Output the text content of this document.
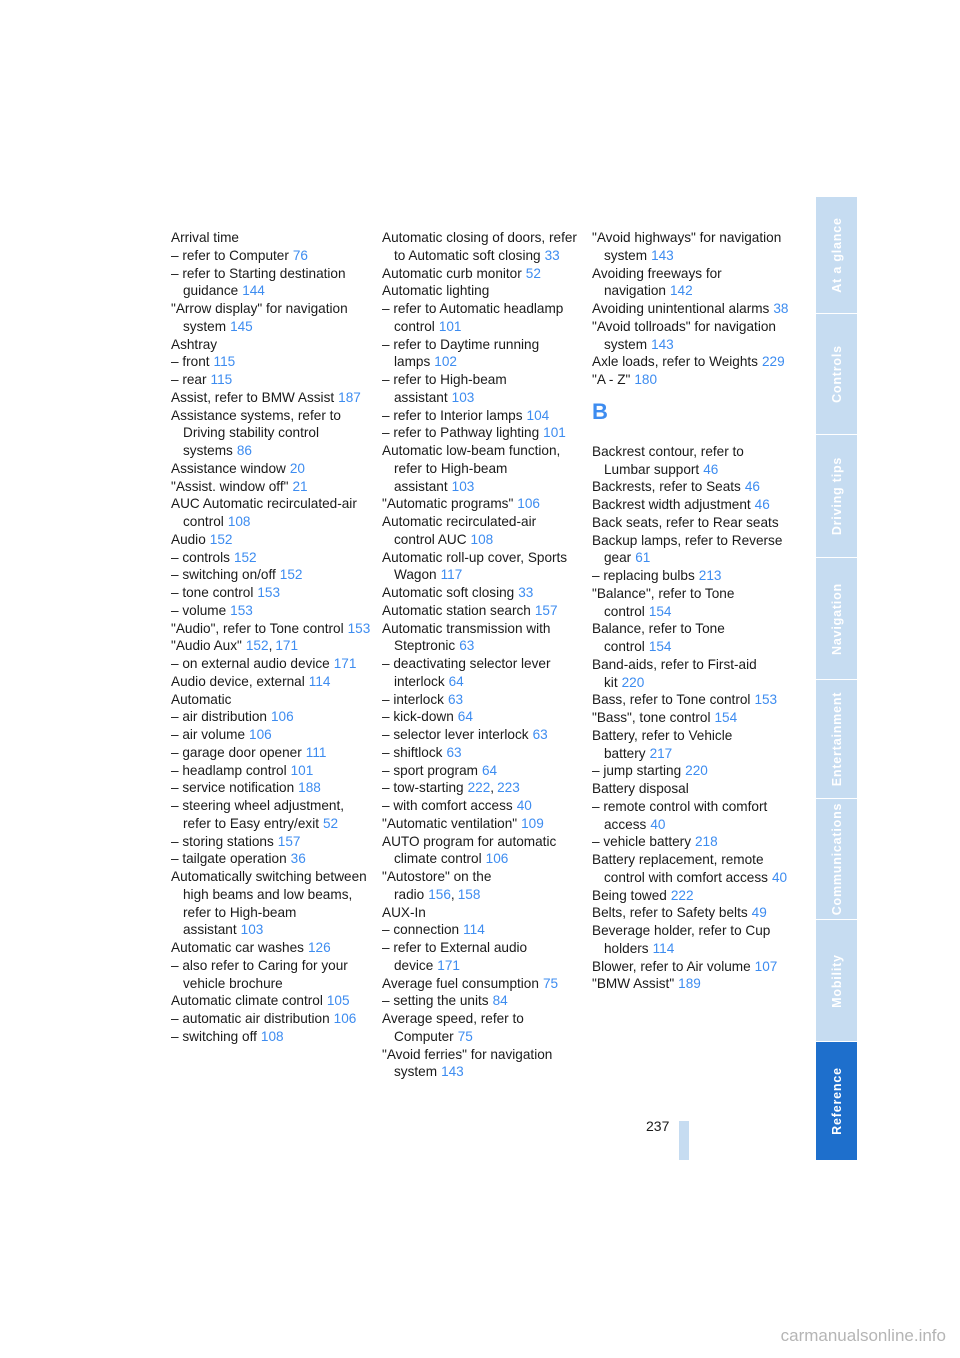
Arrival time
– refer to Computer 76
– refer to Starting destination guidance 144
"Arrow display" for navigation system 145
Ashtray
– front 115
– rear 115
Assist, refer to BMW Assist 187
Assistance systems, refer to Driving stability control systems 86
Assistance window 20
"Assist. window off" 21
AUC Automatic recirculated-air control 108
Audio 152
– controls 152
– switching on/off 152
– tone control 153
– volume 153
"Audio", refer to Tone control 153
"Audio Aux" 152, 171
– on external audio device 171
Audio device, external 114
Automatic
– air distribution 106
– air volume 106
– garage door opener 111
– headlamp control 101
– service notification 188
– steering wheel adjustment, refer to Easy entry/exit 52
– storing stations 157
– tailgate operation 36
Automatically switching between high beams and low beams, refer to High-beam assistant 103
Automatic car washes 126
– also refer to Caring for your vehicle brochure
Automatic climate control 105
– automatic air distribution 106
– switching off 108
Automatic closing of doors, refer to Automatic soft closing 33
Automatic curb monitor 52
Automatic lighting
– refer to Automatic headlamp control 101
– refer to Daytime running lamps 102
– refer to High-beam assistant 103
– refer to Interior lamps 104
– refer to Pathway lighting 101
Automatic low-beam function, refer to High-beam assistant 103
"Automatic programs" 106
Automatic recirculated-air control AUC 108
Automatic roll-up cover, Sports Wagon 117
Automatic soft closing 33
Automatic station search 157
Automatic transmission with Steptronic 63
– deactivating selector lever interlock 64
– interlock 63
– kick-down 64
– selector lever interlock 63
– shiftlock 63
– sport program 64
– tow-starting 222, 223
– with comfort access 40
"Automatic ventilation" 109
AUTO program for automatic climate control 106
"Autostore" on the radio 156, 158
AUX-In
– connection 114
– refer to External audio device 171
Average fuel consumption 75
– setting the units 84
Average speed, refer to Computer 75
"Avoid ferries" for navigation system 143
"Avoid highways" for navigation system 143
Avoiding freeways for navigation 142
Avoiding unintentional alarms 38
"Avoid tollroads" for navigation system 143
Axle loads, refer to Weights 229
"A - Z" 180
B
Backrest contour, refer to Lumbar support 46
Backrests, refer to Seats 46
Backrest width adjustment 46
Back seats, refer to Rear seats
Backup lamps, refer to Reverse gear 61
– replacing bulbs 213
"Balance", refer to Tone control 154
Balance, refer to Tone control 154
Band-aids, refer to First-aid kit 220
Bass, refer to Tone control 153
"Bass", tone control 154
Battery, refer to Vehicle battery 217
– jump starting 220
Battery disposal
– remote control with comfort access 40
– vehicle battery 218
Battery replacement, remote control with comfort access 40
Being towed 222
Belts, refer to Safety belts 49
Beverage holder, refer to Cup holders 114
Blower, refer to Air volume 107
"BMW Assist" 189
237
At a glance
Controls
Driving tips
Navigation
Entertainment
Communications
Mobility
Reference
carmanualsonline.info
